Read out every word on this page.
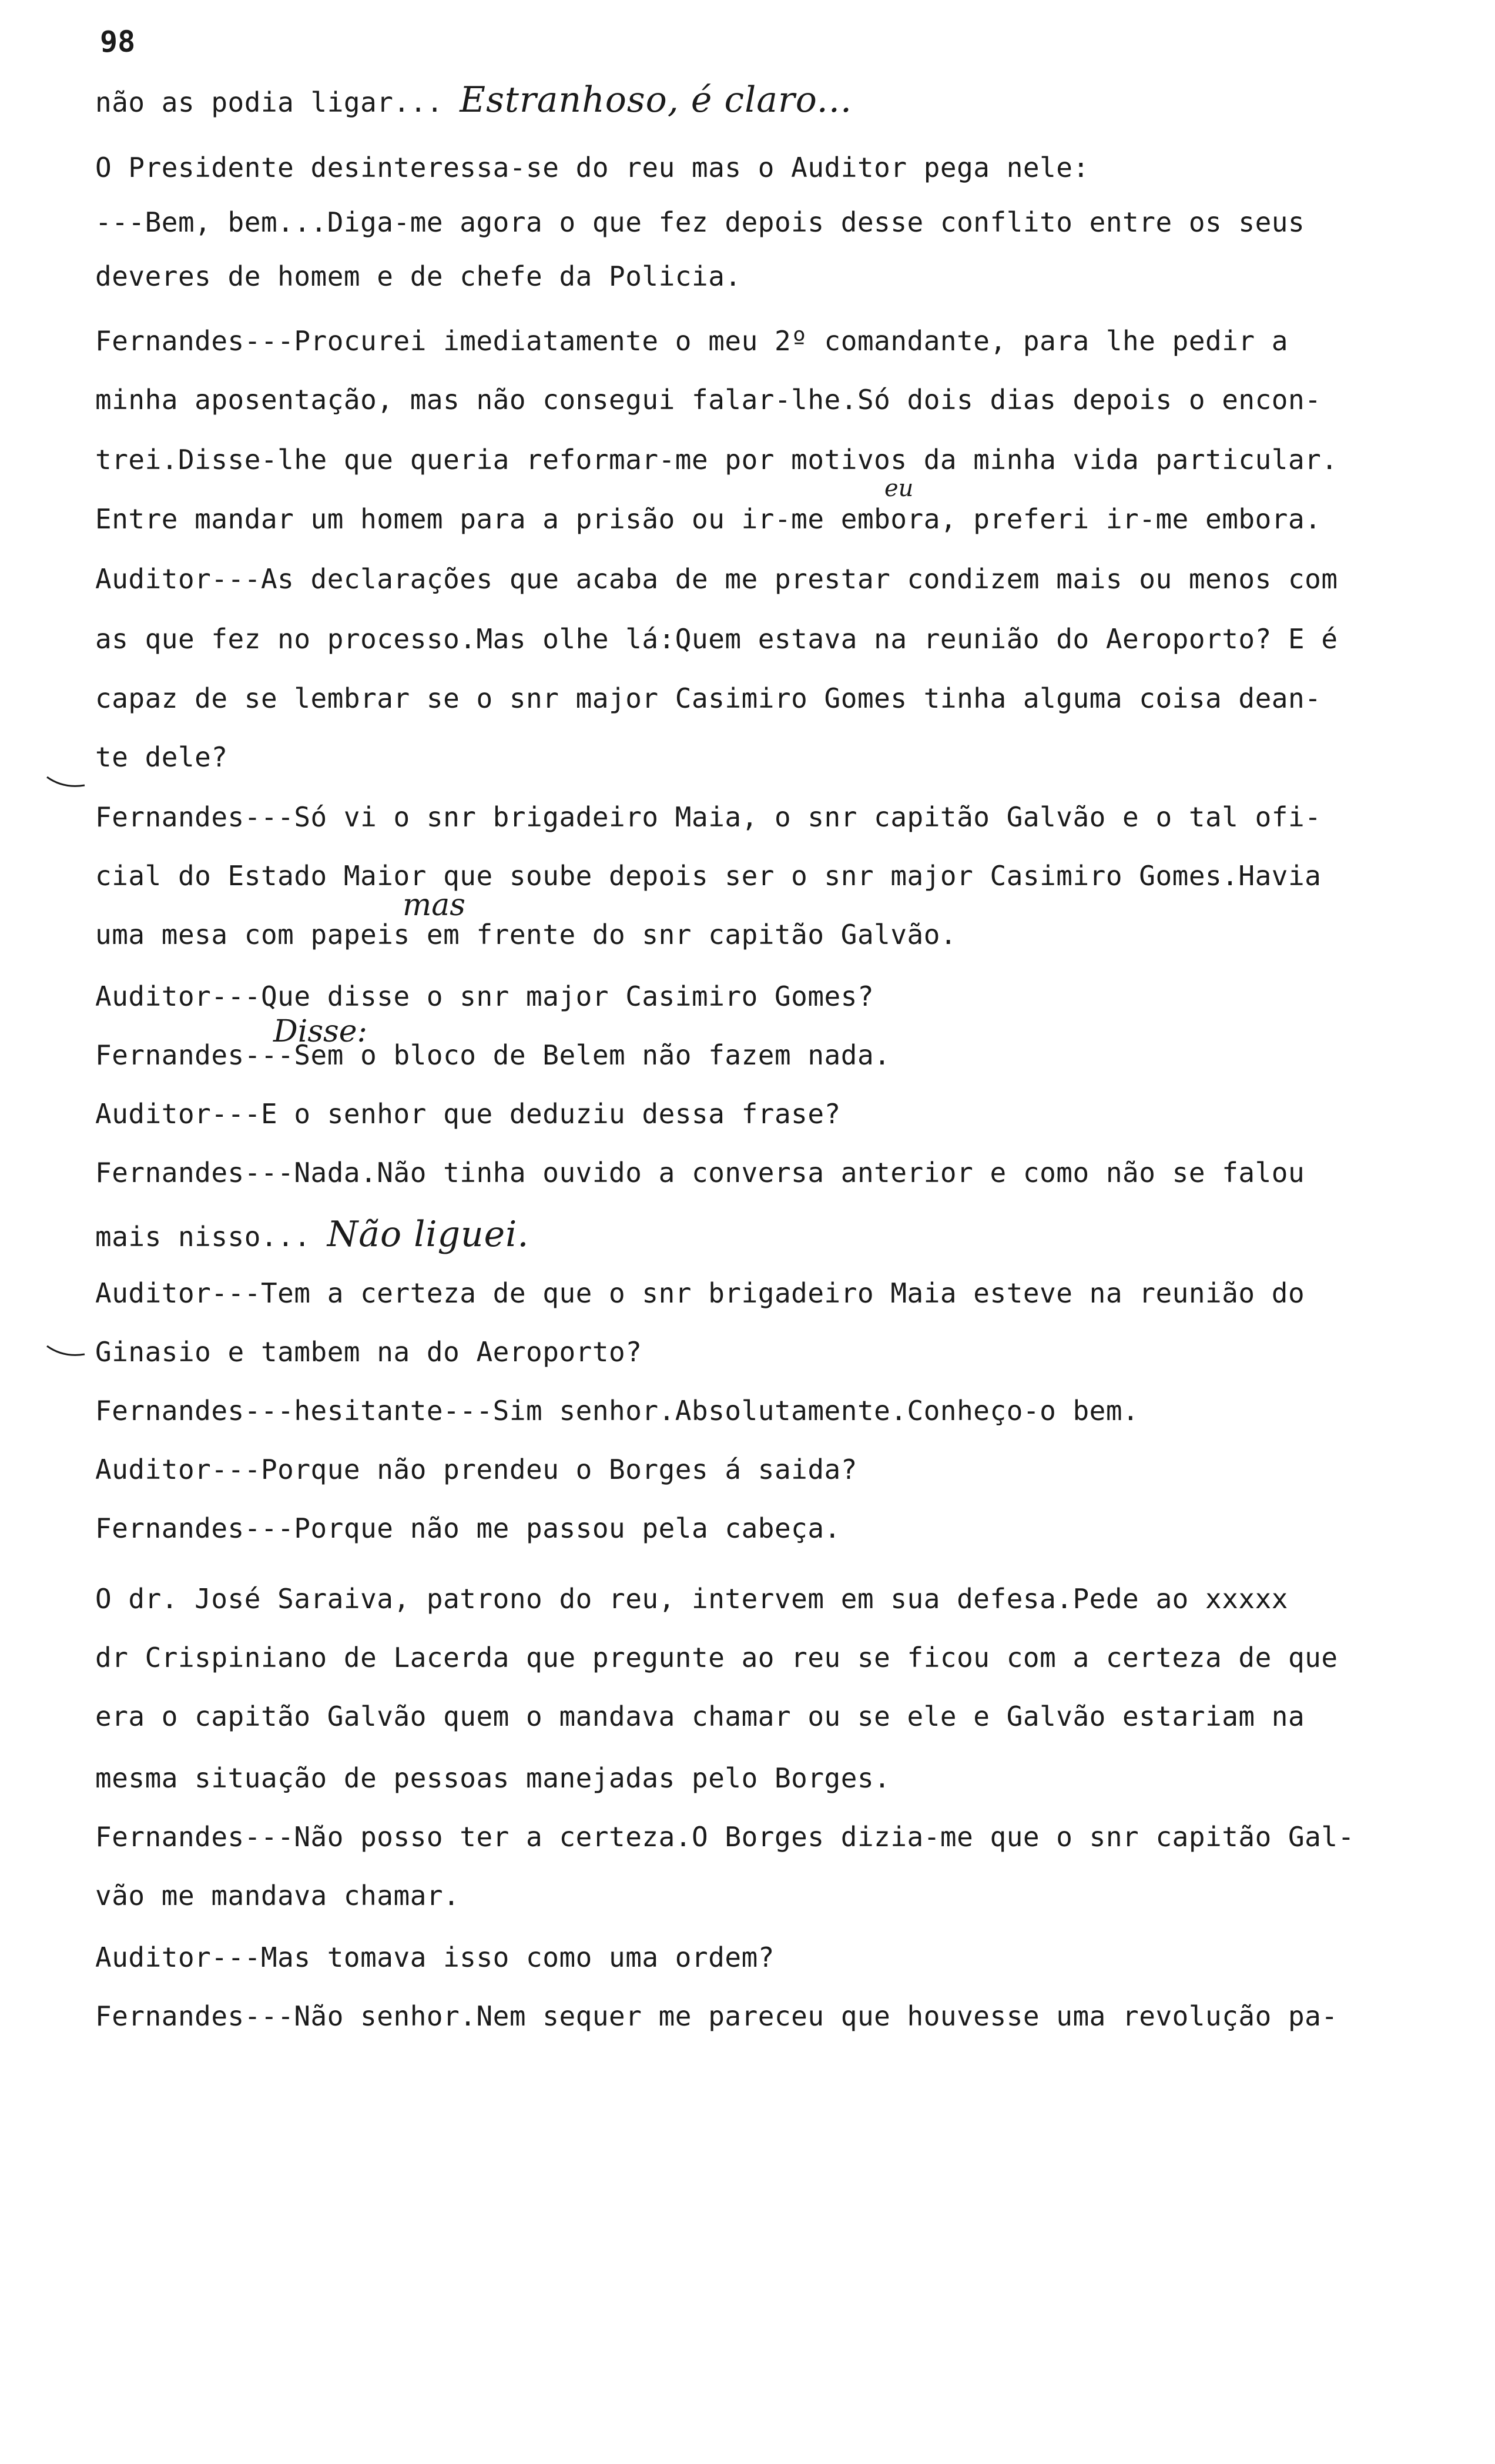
98
não as podia ligar... Estranhoso, é claro...
O Presidente desinteressa-se do reu mas o Auditor pega nele:
---Bem, bem...Diga-me agora o que fez depois desse conflito entre os seus
deveres de homem e de chefe da Policia.
Fernandes---Procurei imediatamente o meu 2º comandante, para lhe pedir a
minha aposentação, mas não consegui falar-lhe.Só dois dias depois o encon-
trei.Disse-lhe que queria reformar-me por motivos da minha vida particular.
Entre mandar um homem para a prisão ou ir-me embora, preferi ir-me embora.
Auditor---As declarações que acaba de me prestar condizem mais ou menos com
as que fez no processo.Mas olhe lá:Quem estava na reunião do Aeroporto? E é
capaz de se lembrar se o snr major Casimiro Gomes tinha alguma coisa dean-
te dele?
Fernandes---Só vi o snr brigadeiro Maia, o snr capitão Galvão e o tal ofi-
cial do Estado Maior que soube depois ser o snr major Casimiro Gomes.Havia
uma mesa com papeis em frente do snr capitão Galvão.
Auditor---Que disse o snr major Casimiro Gomes?
Fernandes---Sem o bloco de Belem não fazem nada.
Auditor---E o senhor que deduziu dessa frase?
Fernandes---Nada.Não tinha ouvido a conversa anterior e como não se falou
mais nisso... Não liguei.
Auditor---Tem a certeza de que o snr brigadeiro Maia esteve na reunião do
Ginasio e tambem na do Aeroporto?
Fernandes---hesitante---Sim senhor.Absolutamente.Conheço-o bem.
Auditor---Porque não prendeu o Borges á saida?
Fernandes---Porque não me passou pela cabeça.
O dr. José Saraiva, patrono do reu, intervem em sua defesa.Pede ao xxxxx
dr Crispiniano de Lacerda que pregunte ao reu se ficou com a certeza de que
era o capitão Galvão quem o mandava chamar ou se ele e Galvão estariam na
mesma situação de pessoas manejadas pelo Borges.
Fernandes---Não posso ter a certeza.O Borges dizia-me que o snr capitão Gal-
vão me mandava chamar.
Auditor---Mas tomava isso como uma ordem?
Fernandes---Não senhor.Nem sequer me pareceu que houvesse uma revolução pa-
eu
mas
Disse:
